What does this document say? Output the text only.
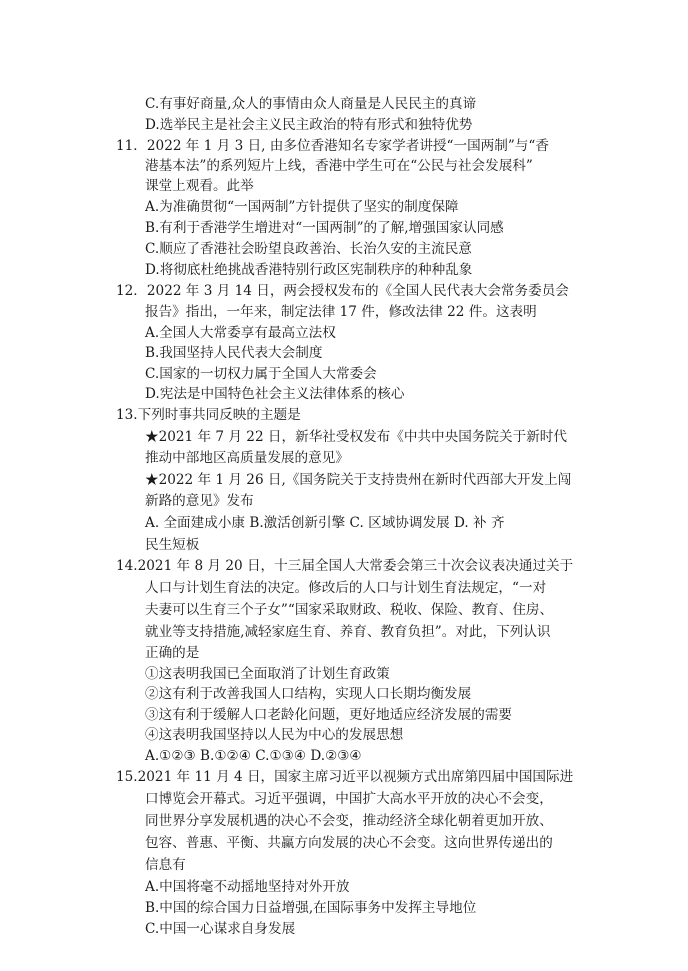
C.有事好商量,众人的事情由众人商量是人民民主的真谛
D.选举民主是社会主义民主政治的特有形式和独特优势
11．2022 年 1 月 3 日, 由多位香港知名专家学者讲授“一国两制”与“香
港基本法”的系列短片上线，香港中学生可在“公民与社会发展科”
课堂上观看。此举
A.为准确贯彻“一国两制”方针提供了坚实的制度保障
B.有利于香港学生增进对“一国两制”的了解,增强国家认同感
C.顺应了香港社会盼望良政善治、长治久安的主流民意
D.将彻底杜绝挑战香港特别行政区宪制秩序的种种乱象
12．2022 年 3 月 14 日，两会授权发布的《全国人民代表大会常务委员会
报告》指出，一年来，制定法律 17 件，修改法律 22 件。这表明
A.全国人大常委享有最高立法权
B.我国坚持人民代表大会制度
C.国家的一切权力属于全国人大常委会
D.宪法是中国特色社会主义法律体系的核心
13.下列时事共同反映的主题是
★2021 年 7 月 22 日，新华社受权发布《中共中央国务院关于新时代
推动中部地区高质量发展的意见》
★2022 年 1 月 26 日,《国务院关于支持贵州在新时代西部大开发上闯
新路的意见》发布
A. 全面建成小康 B.激活创新引擎 C. 区域协调发展 D. 补 齐
民生短板
14.2021 年 8 月 20 日，十三届全国人大常委会第三十次会议表决通过关于
人口与计划生育法的决定。修改后的人口与计划生育法规定，“一对
夫妻可以生育三个子女”“国家采取财政、税收、保险、教育、住房、
就业等支持措施,减轻家庭生育、养育、教育负担”。对此，下列认识
正确的是
①这表明我国已全面取消了计划生育政策
②这有利于改善我国人口结构，实现人口长期均衡发展
③这有利于缓解人口老龄化问题，更好地适应经济发展的需要
④这表明我国坚持以人民为中心的发展思想
A.①②③ B.①②④ C.①③④ D.②③④
15.2021 年 11 月 4 日，国家主席习近平以视频方式出席第四届中国国际进
口博览会开幕式。习近平强调，中国扩大高水平开放的决心不会变，
同世界分享发展机遇的决心不会变，推动经济全球化朝着更加开放、
包容、普惠、平衡、共赢方向发展的决心不会变。这向世界传递出的
信息有
A.中国将毫不动摇地坚持对外开放
B.中国的综合国力日益增强,在国际事务中发挥主导地位
C.中国一心谋求自身发展
